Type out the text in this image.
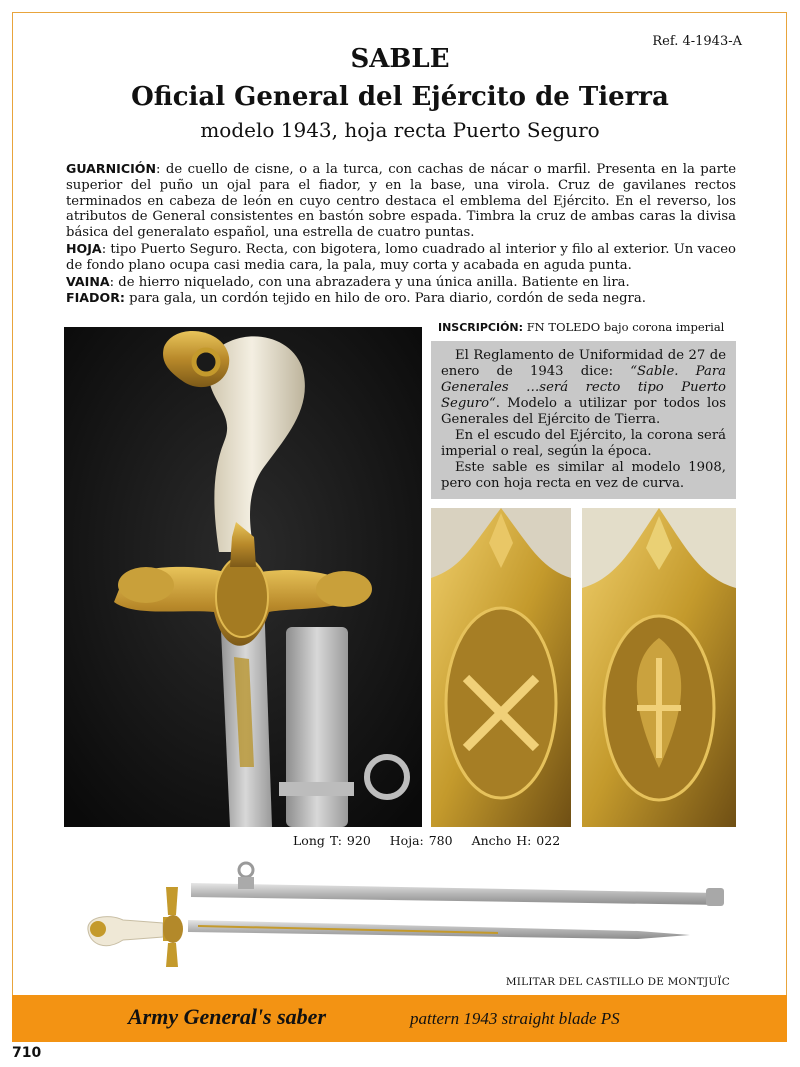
Ref. 4-1943-A
SABLE
Oficial General del Ejército de Tierra
modelo 1943, hoja recta Puerto Seguro

GUARNICIÓN: de cuello de cisne, o a la turca, con cachas de nácar o marfil. Presenta en la parte superior del puño un ojal para el fiador, y en la base, una virola. Cruz de gavilanes rectos terminados en cabeza de león en cuyo centro destaca el emblema del Ejército. En el reverso, los atributos de General consistentes en bastón sobre espada. Timbra la cruz de ambas caras la divisa básica del generalato español, una estrella de cuatro puntas.

HOJA: tipo Puerto Seguro. Recta, con bigotera, lomo cuadrado al interior y filo al exterior. Un vaceo de fondo plano ocupa casi media cara, la pala, muy corta y acabada en aguda punta.

VAINA: de hierro niquelado, con una abrazadera y una única anilla. Batiente en lira.

FIADOR: para gala, un cordón tejido en hilo de oro. Para diario, cordón de seda negra.

INSCRIPCIÓN: FN TOLEDO bajo corona imperial

El Reglamento de Uniformidad de 27 de enero de 1943 dice: “Sable. Para Generales …será recto tipo Puerto Seguro“. Modelo a utilizar por todos los Generales del Ejército de Tierra.

En el escudo del Ejército, la corona será imperial o real, según la época.

Este sable es similar al modelo 1908, pero con hoja recta en vez de curva.

Long T: 920 Hoja: 780 Ancho H: 022
MILITAR DEL CASTILLO DE MONTJUÏC
Army General's saber	pattern 1943 straight blade PS
710
